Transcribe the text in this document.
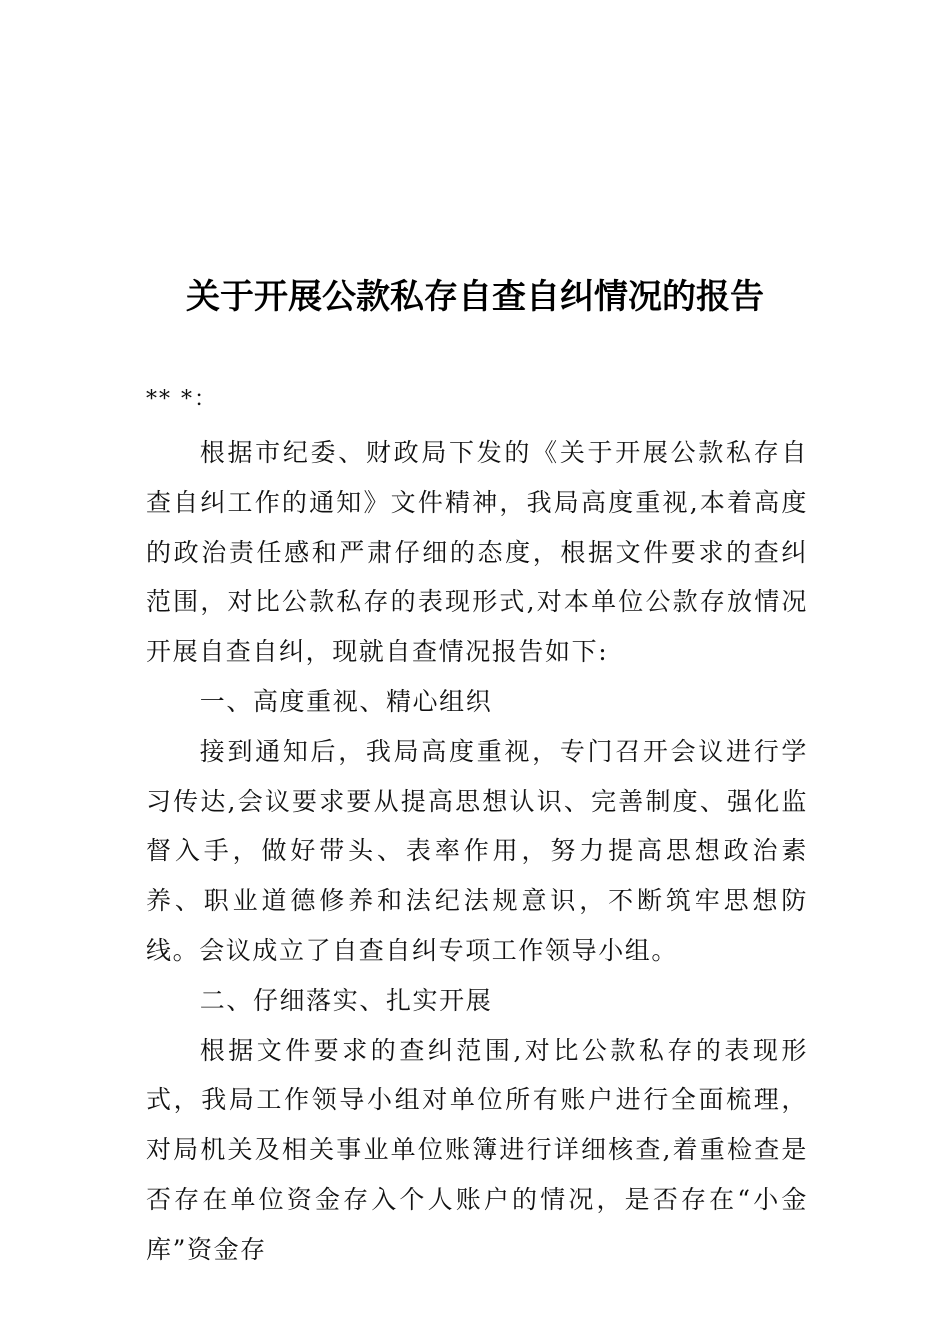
关于开展公款私存自查自纠情况的报告
** *：

根据市纪委、财政局下发的《关于开展公款私存自查自纠工作的通知》文件精神，我局高度重视,本着高度的政治责任感和严肃仔细的态度，根据文件要求的查纠范围，对比公款私存的表现形式,对本单位公款存放情况开展自查自纠，现就自查情况报告如下:

一、高度重视、精心组织

接到通知后，我局高度重视，专门召开会议进行学习传达,会议要求要从提高思想认识、完善制度、强化监督入手，做好带头、表率作用，努力提高思想政治素养、职业道德修养和法纪法规意识，不断筑牢思想防线。会议成立了自查自纠专项工作领导小组。

二、仔细落实、扎实开展

根据文件要求的查纠范围,对比公款私存的表现形式，我局工作领导小组对单位所有账户进行全面梳理，对局机关及相关事业单位账簿进行详细核查,着重检查是否存在单位资金存入个人账户的情况，是否存在“小金库”资金存
